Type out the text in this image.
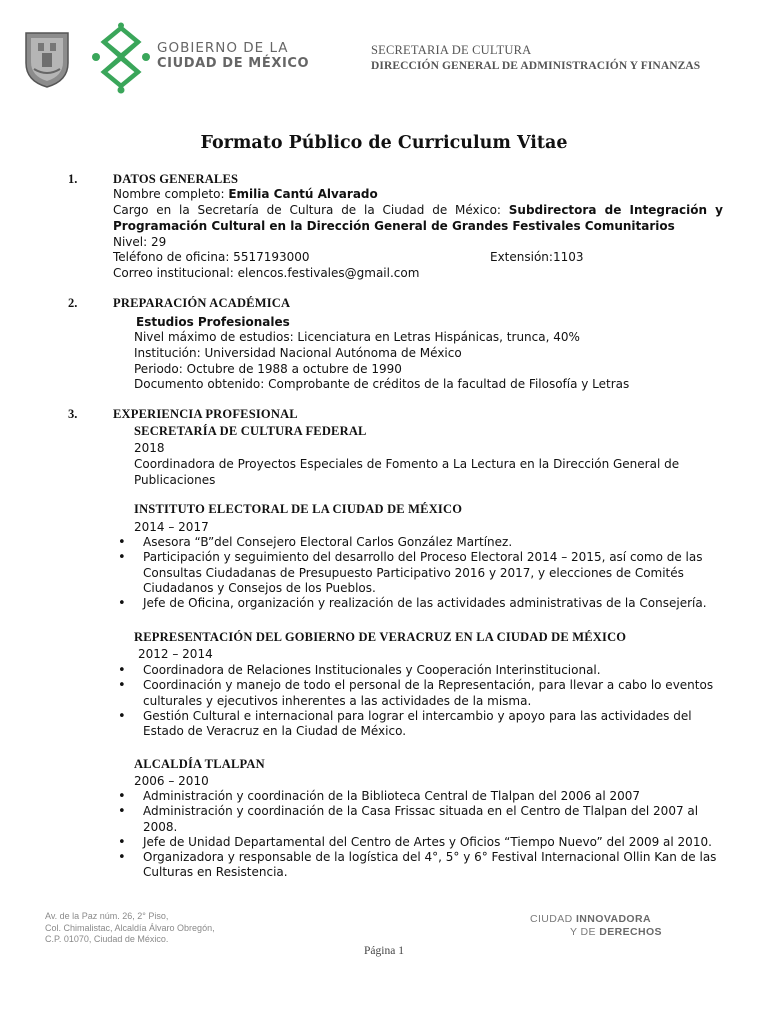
GOBIERNO DE LA
CIUDAD DE MÉXICO
SECRETARIA DE CULTURA
DIRECCIÓN GENERAL DE ADMINISTRACIÓN Y FINANZAS
Formato Público de Curriculum Vitae
1.	DATOS GENERALES
Nombre completo: Emilia Cantú Alvarado
Cargo en la Secretaría de Cultura de la Ciudad de México: Subdirectora de Integración y
Programación Cultural en la Dirección General de Grandes Festivales Comunitarios
Nivel: 29
Teléfono de oficina: 5517193000	Extensión:1103
Correo institucional: elencos.festivales@gmail.com
2.	PREPARACIÓN ACADÉMICA
Estudios Profesionales
Nivel máximo de estudios: Licenciatura en Letras Hispánicas, trunca, 40%
Institución: Universidad Nacional Autónoma de México
Periodo: Octubre de 1988 a octubre de 1990
Documento obtenido: Comprobante de créditos de la facultad de Filosofía y Letras
3.	EXPERIENCIA PROFESIONAL
SECRETARÍA DE CULTURA FEDERAL
2018
Coordinadora de Proyectos Especiales de Fomento a La Lectura en la Dirección General de Publicaciones
INSTITUTO ELECTORAL DE LA CIUDAD DE MÉXICO
2014 – 2017
• Asesora “B”del Consejero Electoral Carlos González Martínez.
• Participación y seguimiento del desarrollo del Proceso Electoral 2014 – 2015, así como de las Consultas Ciudadanas de Presupuesto Participativo 2016 y 2017, y elecciones de Comités Ciudadanos y Consejos de los Pueblos.
• Jefe de Oficina, organización y realización de las actividades administrativas de la Consejería.
REPRESENTACIÓN DEL GOBIERNO DE VERACRUZ EN LA CIUDAD DE MÉXICO
2012 – 2014
• Coordinadora de Relaciones Institucionales y Cooperación Interinstitucional.
• Coordinación y manejo de todo el personal de la Representación, para llevar a cabo lo eventos culturales y ejecutivos inherentes a las actividades de la misma.
• Gestión Cultural e internacional para lograr el intercambio y apoyo para las actividades del Estado de Veracruz en la Ciudad de México.
ALCALDÍA TLALPAN
2006 – 2010
• Administración y coordinación de la Biblioteca Central de Tlalpan del 2006 al 2007
• Administración y coordinación de la Casa Frissac situada en el Centro de Tlalpan del 2007 al 2008.
• Jefe de Unidad Departamental del Centro de Artes y Oficios “Tiempo Nuevo” del 2009 al 2010.
• Organizadora y responsable de la logística del 4°, 5° y 6° Festival Internacional Ollin Kan de las Culturas en Resistencia.
Av. de la Paz núm. 26, 2° Piso,
Col. Chimalistac, Alcaldía Álvaro Obregón,
C.P. 01070, Ciudad de México.
CIUDAD INNOVADORA
Y DE DERECHOS
Página 1
